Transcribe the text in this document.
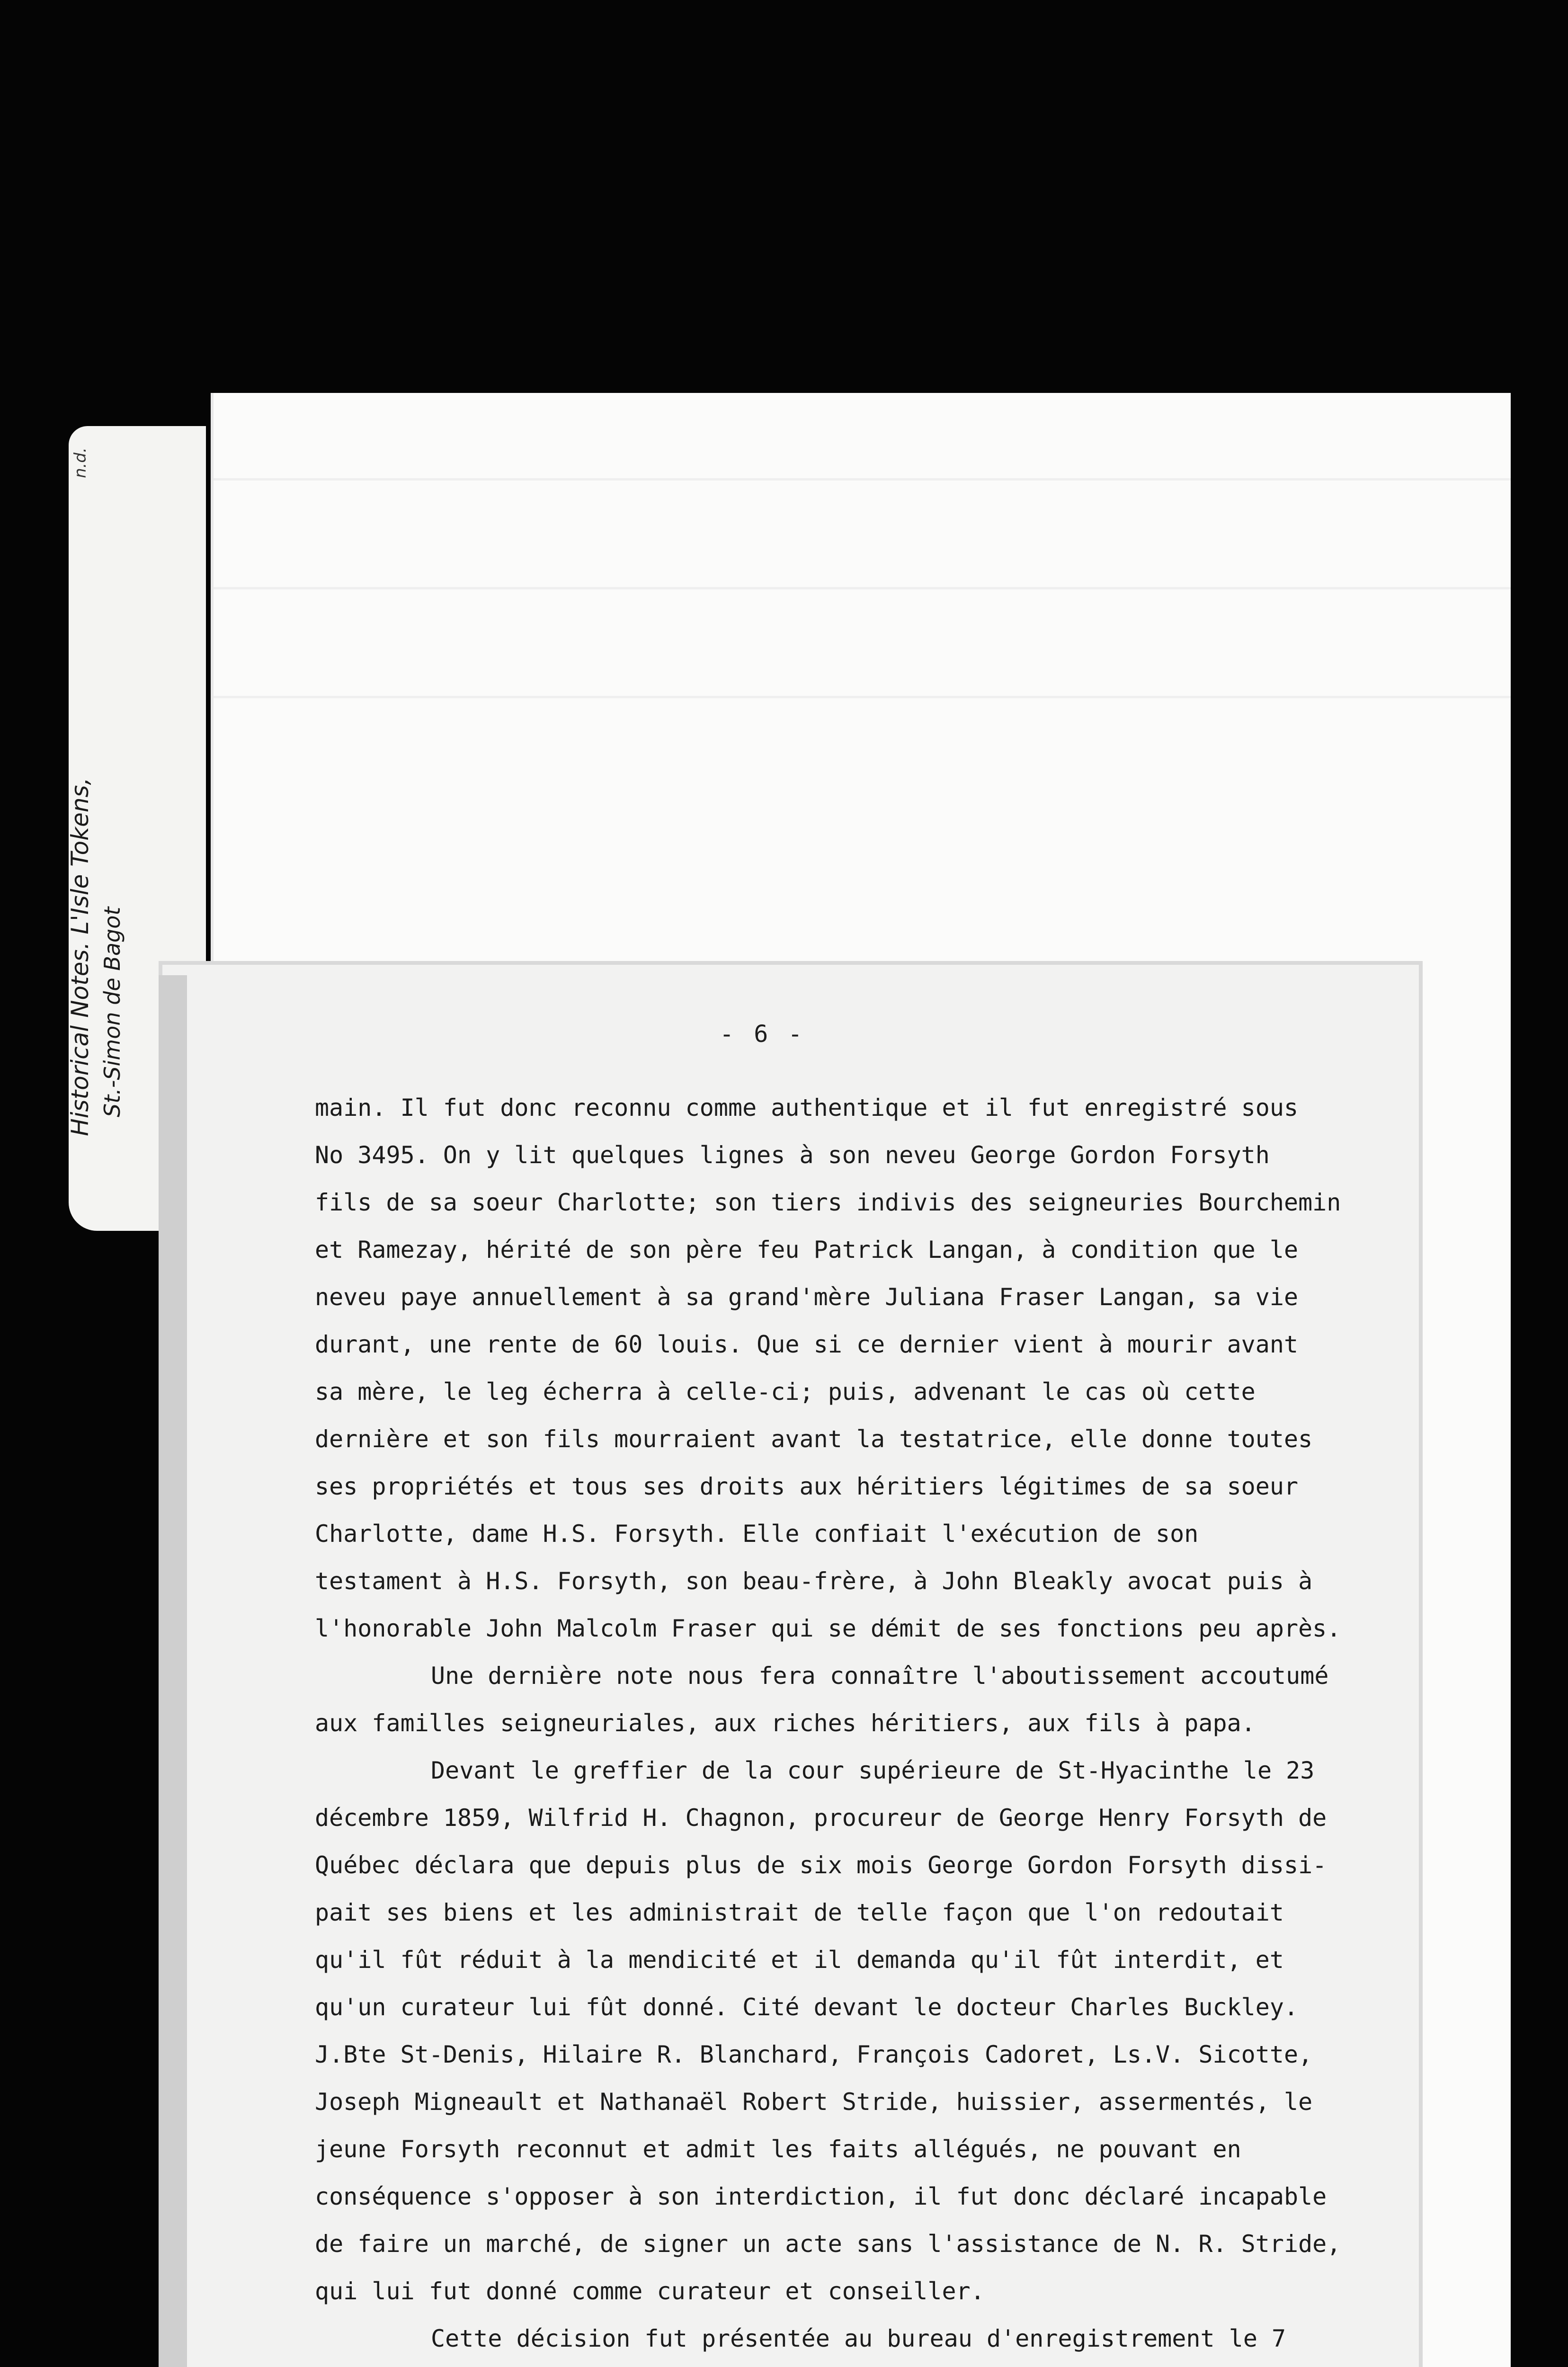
n.d.
Historical Notes. L'Isle Tokens, St.-Simon de Bagot	- 6 -
main. Il fut donc reconnu comme authentique et il fut enregistré sous
No 3495. On y lit quelques lignes à son neveu George Gordon Forsyth
fils de sa soeur Charlotte; son tiers indivis des seigneuries Bourchemin
et Ramezay, hérité de son père feu Patrick Langan, à condition que le
neveu paye annuellement à sa grand'mère Juliana Fraser Langan, sa vie
durant, une rente de 60 louis. Que si ce dernier vient à mourir avant
sa mère, le leg écherra à celle-ci; puis, advenant le cas où cette
dernière et son fils mourraient avant la testatrice, elle donne toutes
ses propriétés et tous ses droits aux héritiers légitimes de sa soeur
Charlotte, dame H.S. Forsyth. Elle confiait l'exécution de son
testament à H.S. Forsyth, son beau-frère, à John Bleakly avocat puis à
l'honorable John Malcolm Fraser qui se démit de ses fonctions peu après.
Une dernière note nous fera connaître l'aboutissement accoutumé
aux familles seigneuriales, aux riches héritiers, aux fils à papa.
Devant le greffier de la cour supérieure de St-Hyacinthe le 23
décembre 1859, Wilfrid H. Chagnon, procureur de George Henry Forsyth de
Québec déclara que depuis plus de six mois George Gordon Forsyth dissi-
pait ses biens et les administrait de telle façon que l'on redoutait
qu'il fût réduit à la mendicité et il demanda qu'il fût interdit, et
qu'un curateur lui fût donné. Cité devant le docteur Charles Buckley.
J.Bte St-Denis, Hilaire R. Blanchard, François Cadoret, Ls.V. Sicotte,
Joseph Migneault et Nathanaël Robert Stride, huissier, assermentés, le
jeune Forsyth reconnut et admit les faits allégués, ne pouvant en
conséquence s'opposer à son interdiction, il fut donc déclaré incapable
de faire un marché, de signer un acte sans l'assistance de N. R. Stride,
qui lui fut donné comme curateur et conseiller.
Cette décision fut présentée au bureau d'enregistrement le 7
